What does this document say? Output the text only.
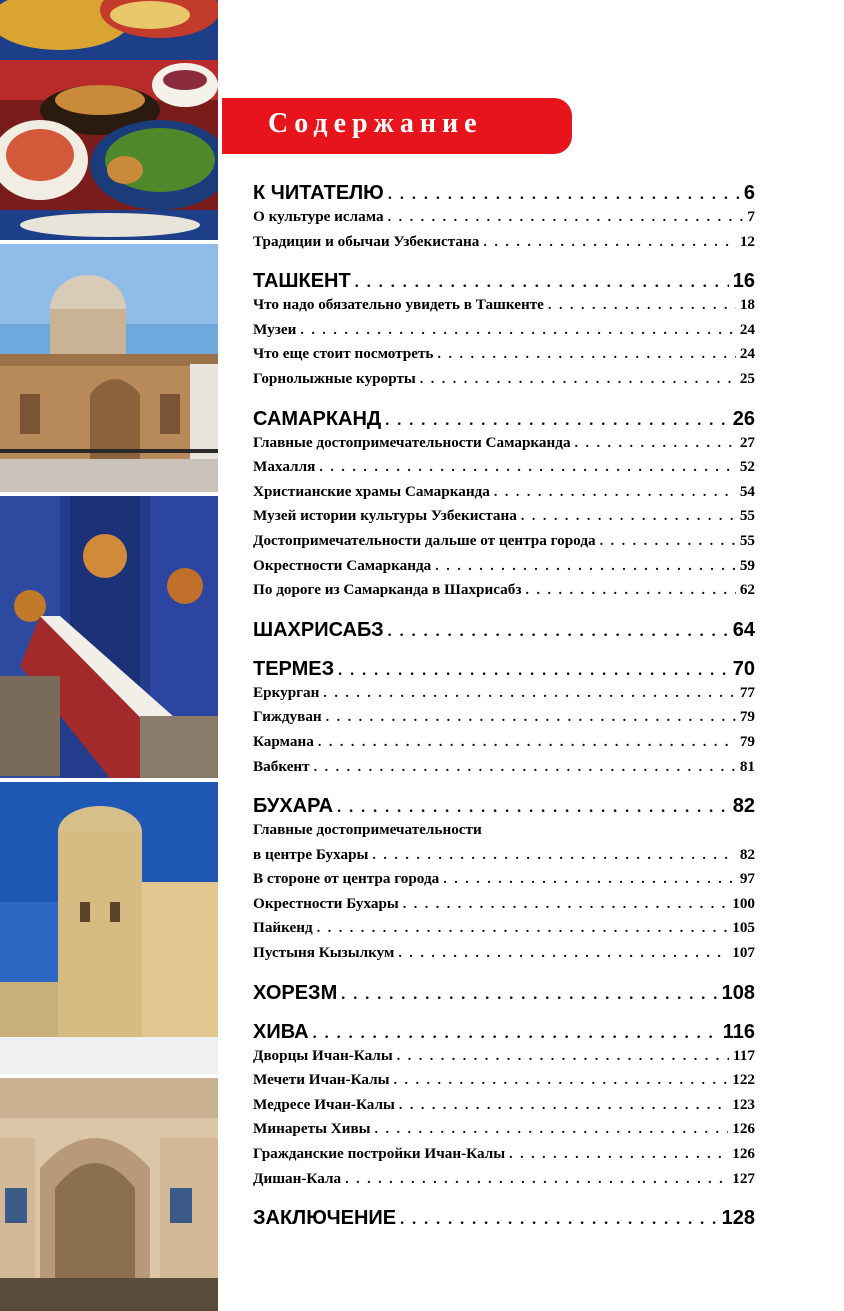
Содержание
К ЧИТАТЕЛЮ . . .	6
О культуре ислама . . .	7
Традиции и обычаи Узбекистана . . .	12
ТАШКЕНТ . . .	16
Что надо обязательно увидеть в Ташкенте . . .	18
Музеи . . .	24
Что еще стоит посмотреть . . .	24
Горнолыжные курорты . . .	25
САМАРКАНД . . .	26
Главные достопримечательности Самарканда . . .	27
Махалля . . .	52
Христианские храмы Самарканда . . .	54
Музей истории культуры Узбекистана . . .	55
Достопримечательности дальше от центра города . . .	55
Окрестности Самарканда . . .	59
По дороге из Самарканда в Шахрисабз . . .	62
ШАХРИСАБЗ . . .	64
ТЕРМЕЗ . . .	70
Еркурган . . .	77
Гиждуван . . .	79
Кармана . . .	79
Вабкент . . .	81
БУХАРА . . .	82
Главные достопримечательности
в центре Бухары . . .	82
В стороне от центра города . . .	97
Окрестности Бухары . . .	100
Пайкенд . . .	105
Пустыня Кызылкум . . .	107
ХОРЕЗМ . . .	108
ХИВА . . .	116
Дворцы Ичан-Калы . . .	117
Мечети Ичан-Калы . . .	122
Медресе Ичан-Калы . . .	123
Минареты Хивы . . .	126
Гражданские постройки Ичан-Калы . . .	126
Дишан-Кала . . .	127
ЗАКЛЮЧЕНИЕ . . .	128
